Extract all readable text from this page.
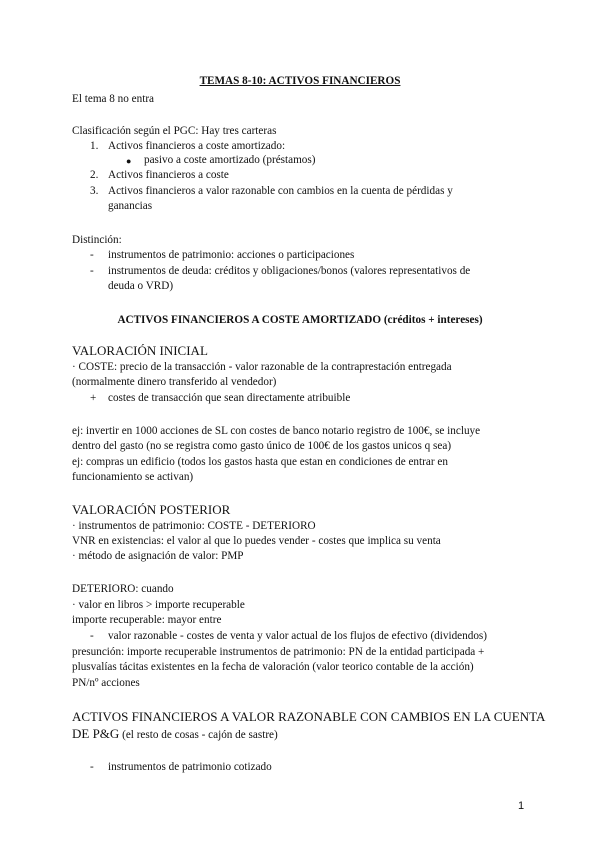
TEMAS 8-10: ACTIVOS FINANCIEROS
El tema 8 no entra
Clasificación según el PGC: Hay tres carteras
1. Activos financieros a coste amortizado:
● pasivo a coste amortizado (préstamos)
2. Activos financieros a coste
3. Activos financieros a valor razonable con cambios en la cuenta de pérdidas y
ganancias
Distinción:
- instrumentos de patrimonio: acciones o participaciones
- instrumentos de deuda: créditos y obligaciones/bonos (valores representativos de
deuda o VRD)
ACTIVOS FINANCIEROS A COSTE AMORTIZADO (créditos + intereses)
VALORACIÓN INICIAL
· COSTE: precio de la transacción - valor razonable de la contraprestación entregada
(normalmente dinero transferido al vendedor)
+ costes de transacción que sean directamente atribuible
ej: invertir en 1000 acciones de SL con costes de banco notario registro de 100€, se incluye
dentro del gasto (no se registra como gasto único de 100€ de los gastos unicos q sea)
ej: compras un edificio (todos los gastos hasta que estan en condiciones de entrar en
funcionamiento se activan)
VALORACIÓN POSTERIOR
· instrumentos de patrimonio: COSTE - DETERIORO
VNR en existencias: el valor al que lo puedes vender - costes que implica su venta
· método de asignación de valor: PMP
DETERIORO: cuando
· valor en libros > importe recuperable
importe recuperable: mayor entre
- valor razonable - costes de venta y valor actual de los flujos de efectivo (dividendos)
presunción: importe recuperable instrumentos de patrimonio: PN de la entidad participada +
plusvalías tácitas existentes en la fecha de valoración (valor teorico contable de la acción)
PN/nº acciones
ACTIVOS FINANCIEROS A VALOR RAZONABLE CON CAMBIOS EN LA CUENTA
DE P&G (el resto de cosas - cajón de sastre)
- instrumentos de patrimonio cotizado
1
